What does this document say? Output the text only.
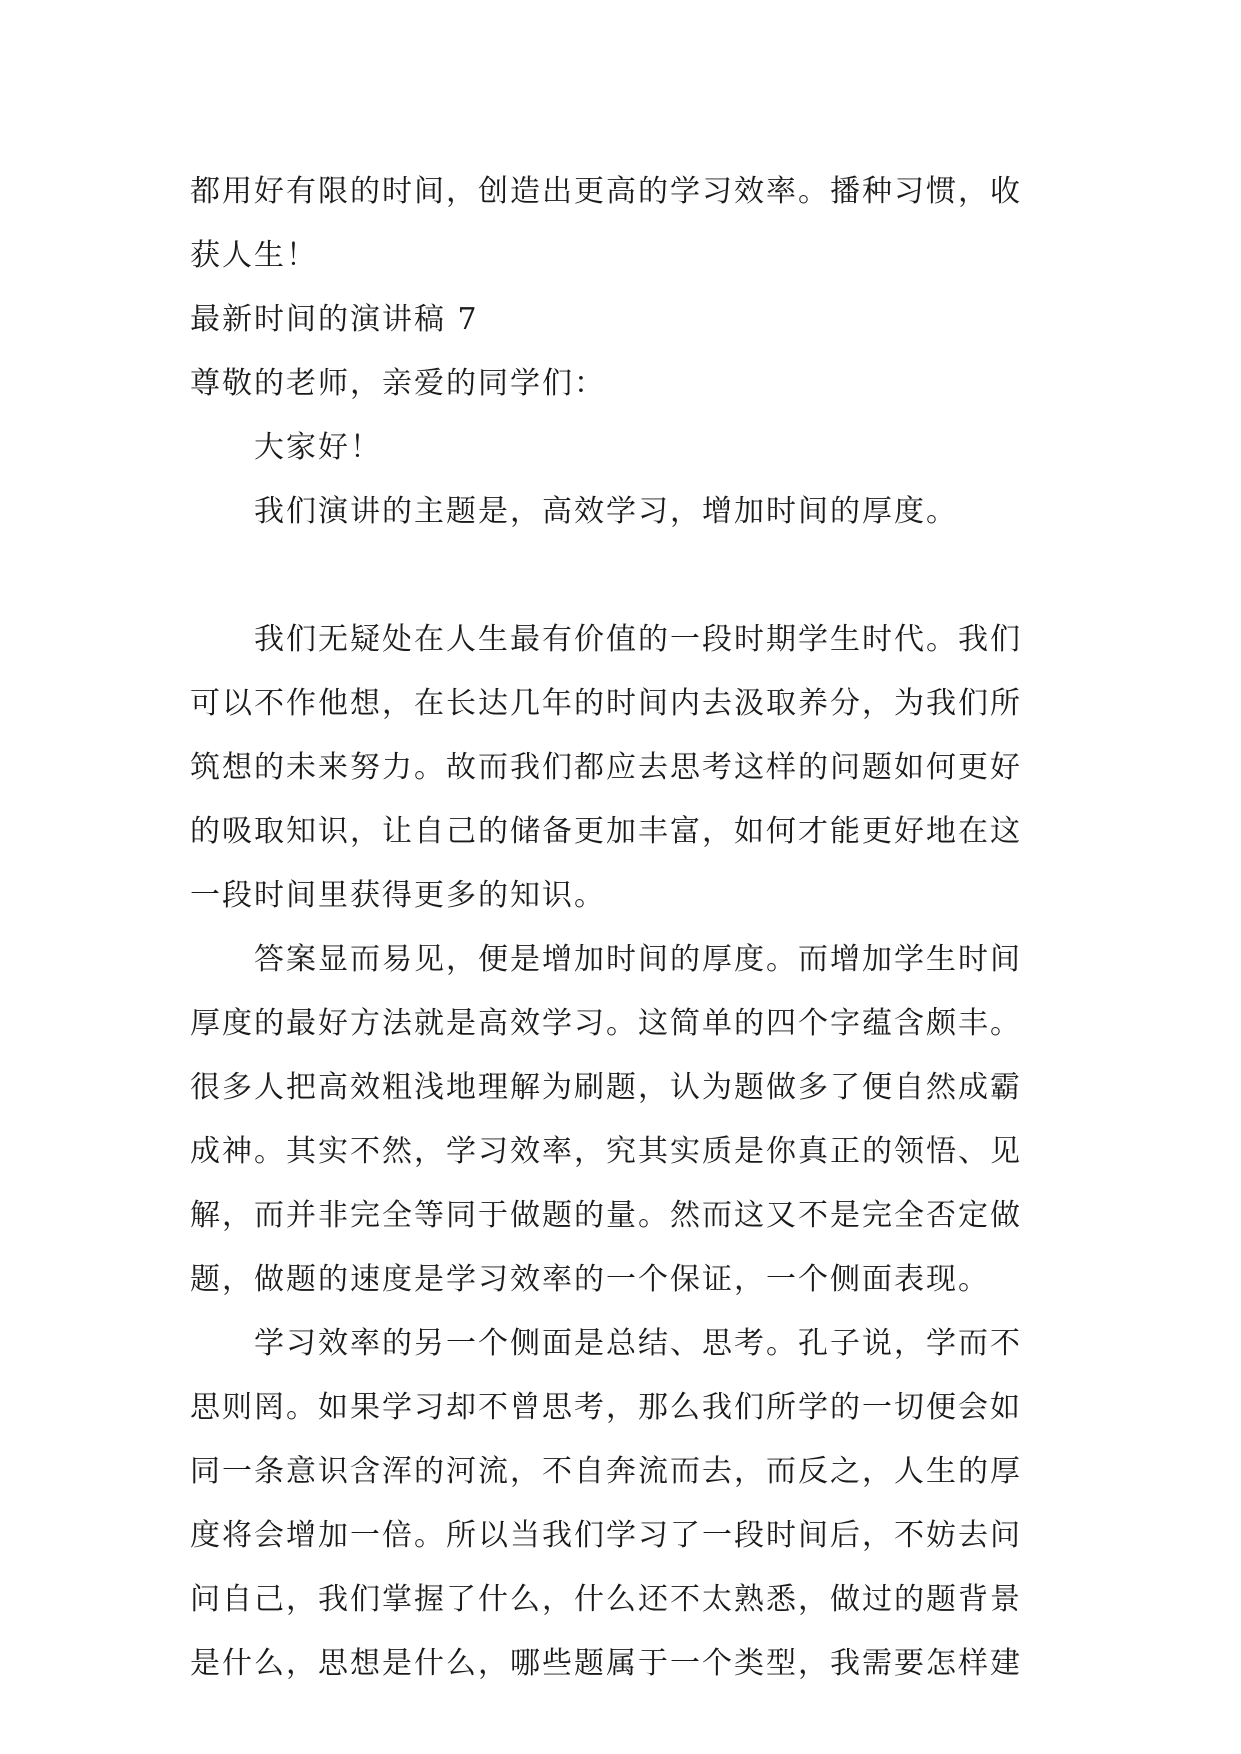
都用好有限的时间，创造出更高的学习效率。播种习惯，收
获人生！
最新时间的演讲稿 7
尊敬的老师，亲爱的同学们：
大家好！
我们演讲的主题是，高效学习，增加时间的厚度。
我们无疑处在人生最有价值的一段时期学生时代。我们
可以不作他想，在长达几年的时间内去汲取养分，为我们所
筑想的未来努力。故而我们都应去思考这样的问题如何更好
的吸取知识，让自己的储备更加丰富，如何才能更好地在这
一段时间里获得更多的知识。
答案显而易见，便是增加时间的厚度。而增加学生时间
厚度的最好方法就是高效学习。这简单的四个字蕴含颇丰。
很多人把高效粗浅地理解为刷题，认为题做多了便自然成霸
成神。其实不然，学习效率，究其实质是你真正的领悟、见
解，而并非完全等同于做题的量。然而这又不是完全否定做
题，做题的速度是学习效率的一个保证，一个侧面表现。
学习效率的另一个侧面是总结、思考。孔子说，学而不
思则罔。如果学习却不曾思考，那么我们所学的一切便会如
同一条意识含浑的河流，不自奔流而去，而反之，人生的厚
度将会增加一倍。所以当我们学习了一段时间后，不妨去问
问自己，我们掌握了什么，什么还不太熟悉，做过的题背景
是什么，思想是什么，哪些题属于一个类型，我需要怎样建
